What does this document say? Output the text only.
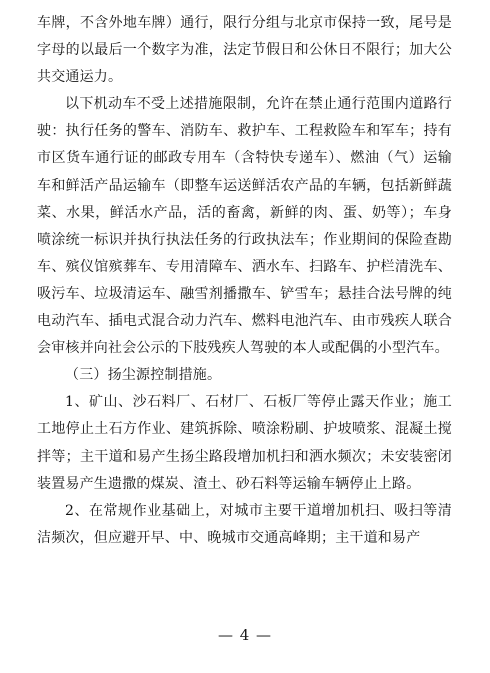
车牌，不含外地车牌）通行，限行分组与北京市保持一致，尾号是字母的以最后一个数字为准，法定节假日和公休日不限行；加大公共交通运力。

以下机动车不受上述措施限制，允许在禁止通行范围内道路行驶：执行任务的警车、消防车、救护车、工程救险车和军车；持有市区货车通行证的邮政专用车（含特快专递车）、燃油（气）运输车和鲜活产品运输车（即整车运送鲜活农产品的车辆，包括新鲜蔬菜、水果，鲜活水产品，活的畜禽，新鲜的肉、蛋、奶等）；车身喷涂统一标识并执行执法任务的行政执法车；作业期间的保险查勘车、殡仪馆殡葬车、专用清障车、洒水车、扫路车、护栏清洗车、吸污车、垃圾清运车、融雪剂播撒车、铲雪车；悬挂合法号牌的纯电动汽车、插电式混合动力汽车、燃料电池汽车、由市残疾人联合会审核并向社会公示的下肢残疾人驾驶的本人或配偶的小型汽车。

（三）扬尘源控制措施。

1、矿山、沙石料厂、石材厂、石板厂等停止露天作业；施工工地停止土石方作业、建筑拆除、喷涂粉刷、护坡喷浆、混凝土搅拌等；主干道和易产生扬尘路段增加机扫和洒水频次；未安装密闭装置易产生遗撒的煤炭、渣土、砂石料等运输车辆停止上路。

2、在常规作业基础上，对城市主要干道增加机扫、吸扫等清洁频次，但应避开早、中、晚城市交通高峰期；主干道和易产

— 4 —
